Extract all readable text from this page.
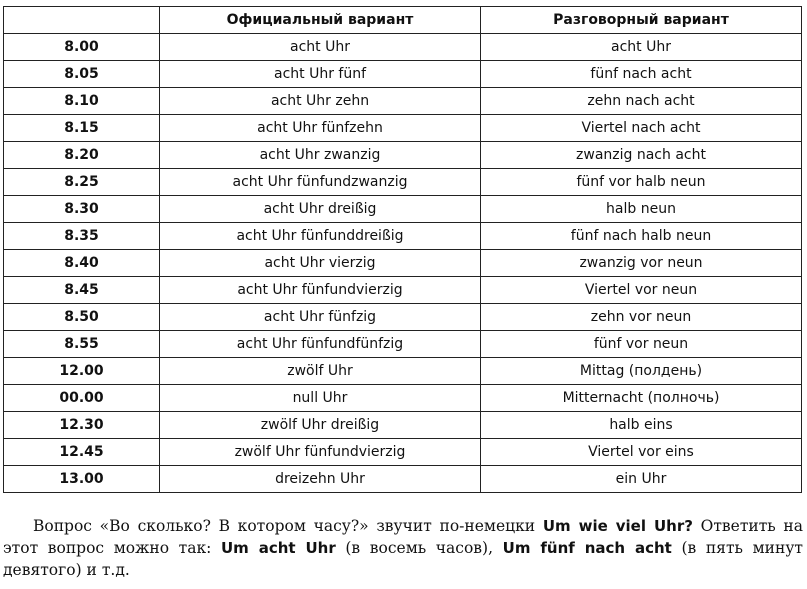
	Официальный вариант	Разговорный вариант
8.00	acht Uhr	acht Uhr
8.05	acht Uhr fünf	fünf nach acht
8.10	acht Uhr zehn	zehn nach acht
8.15	acht Uhr fünfzehn	Viertel nach acht
8.20	acht Uhr zwanzig	zwanzig nach acht
8.25	acht Uhr fünfundzwanzig	fünf vor halb neun
8.30	acht Uhr dreißig	halb neun
8.35	acht Uhr fünfunddreißig	fünf nach halb neun
8.40	acht Uhr vierzig	zwanzig vor neun
8.45	acht Uhr fünfundvierzig	Viertel vor neun
8.50	acht Uhr fünfzig	zehn vor neun
8.55	acht Uhr fünfundfünfzig	fünf vor neun
12.00	zwölf Uhr	Mittag (полдень)
00.00	null Uhr	Mitternacht (полночь)
12.30	zwölf Uhr dreißig	halb eins
12.45	zwölf Uhr fünfundvierzig	Viertel vor eins
13.00	dreizehn Uhr	ein Uhr

Вопрос «Во сколько? В котором часу?» звучит по-немецки Um wie viel Uhr? Ответить на этот вопрос можно так: Um acht Uhr (в восемь часов), Um fünf nach acht (в пять минут девятого) и т.д.
